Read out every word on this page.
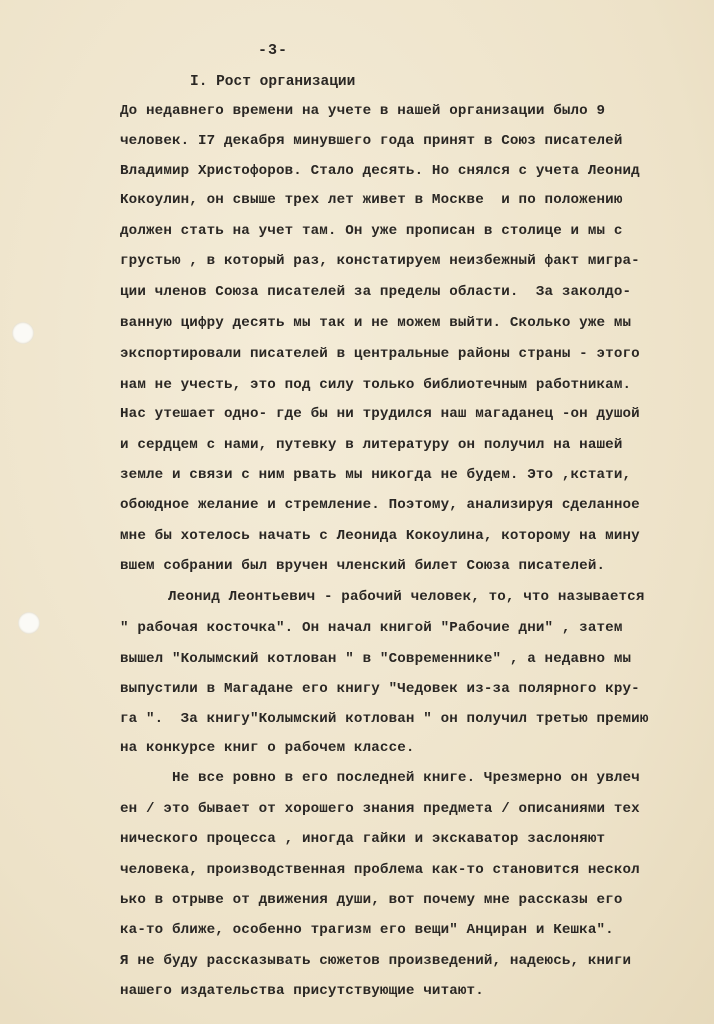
-3-
I. Рост организации
До недавнего времени на учете в нашей организации было 9
человек. I7 декабря минувшего года принят в Союз писателей
Владимир Христофоров. Стало десять. Но снялся с учета Леонид
Кокоулин, он свыше трех лет живет в Москве  и по положению
должен стать на учет там. Он уже прописан в столице и мы с
грустью , в который раз, констатируем неизбежный факт мигра-
ции членов Союза писателей за пределы области.  За заколдо-
ванную цифру десять мы так и не можем выйти. Сколько уже мы
экспортировали писателей в центральные районы страны - этого
нам не учесть, это под силу только библиотечным работникам.
Нас утешает одно- где бы ни трудился наш магаданец -он душой
и сердцем с нами, путевку в литературу он получил на нашей
земле и связи с ним рвать мы никогда не будем. Это ,кстати,
обоюдное желание и стремление. Поэтому, анализируя сделанное
мне бы хотелось начать с Леонида Кокоулина, которому на мину
вшем собрании был вручен членский билет Союза писателей.
Леонид Леонтьевич - рабочий человек, то, что называется
" рабочая косточка". Он начал книгой "Рабочие дни" , затем
вышел "Колымский котлован " в "Современнике" , а недавно мы
выпустили в Магадане его книгу "Чедовек из-за полярного кру-
га ".  За книгу"Колымский котлован " он получил третью премию
на конкурсе книг о рабочем классе.
Не все ровно в его последней книге. Чрезмерно он увлеч
ен / это бывает от хорошего знания предмета / описаниями тех
нического процесса , иногда гайки и экскаватор заслоняют
человека, производственная проблема как-то становится нескол
ько в отрыве от движения души, вот почему мне рассказы его
ка-то ближе, особенно трагизм его вещи" Анциран и Кешка".
Я не буду рассказывать сюжетов произведений, надеюсь, книги
нашего издательства присутствующие читают.
